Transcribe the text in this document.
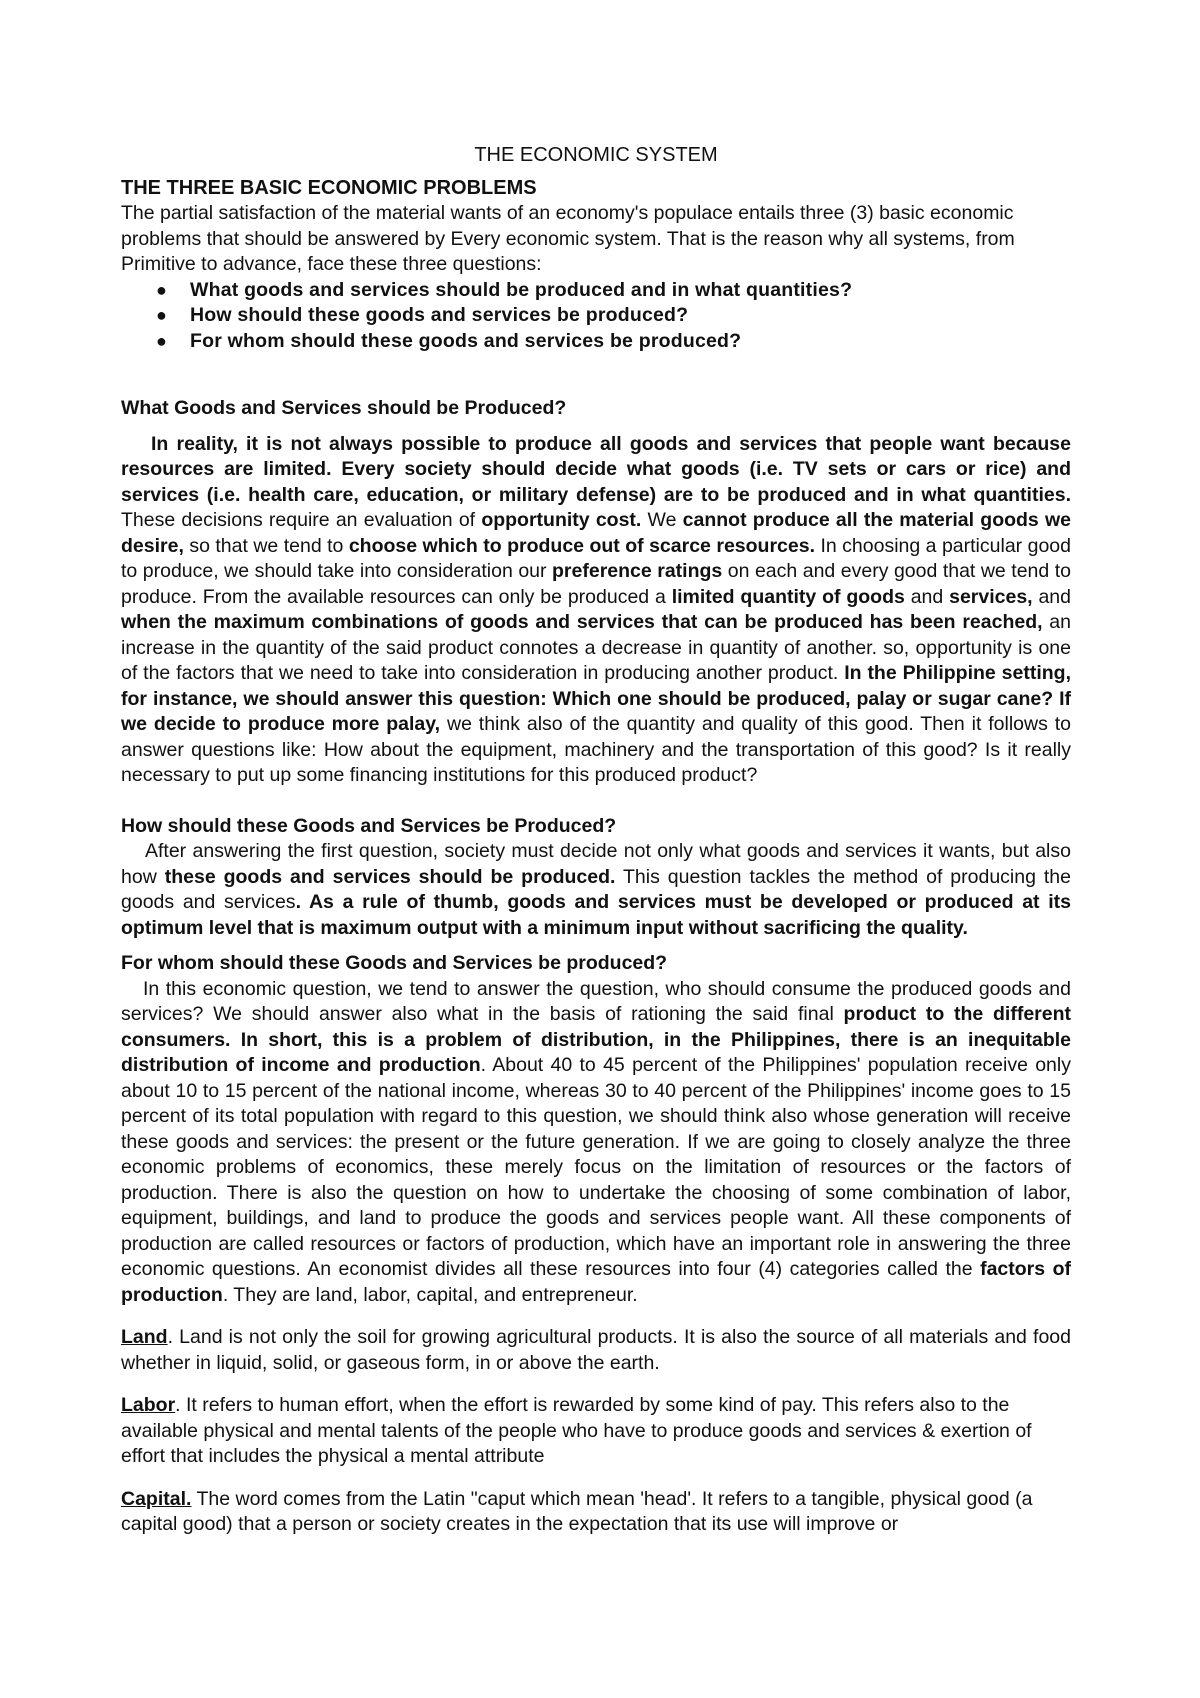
THE ECONOMIC SYSTEM
THE THREE BASIC ECONOMIC PROBLEMS

The partial satisfaction of the material wants of an economy's populace entails three (3) basic economic problems that should be answered by Every economic system. That is the reason why all systems, from Primitive to advance, face these three questions:

● What goods and services should be produced and in what quantities?
● How should these goods and services be produced?
● For whom should these goods and services be produced?
What Goods and Services should be Produced?

In reality, it is not always possible to produce all goods and services that people want because resources are limited. Every society should decide what goods (i.e. TV sets or cars or rice) and services (i.e. health care, education, or military defense) are to be produced and in what quantities. These decisions require an evaluation of opportunity cost. We cannot produce all the material goods we desire, so that we tend to choose which to produce out of scarce resources. In choosing a particular good to produce, we should take into consideration our preference ratings on each and every good that we tend to produce. From the available resources can only be produced a limited quantity of goods and services, and when the maximum combinations of goods and services that can be produced has been reached, an increase in the quantity of the said product connotes a decrease in quantity of another. so, opportunity is one of the factors that we need to take into consideration in producing another product. In the Philippine setting, for instance, we should answer this question: Which one should be produced, palay or sugar cane? If we decide to produce more palay, we think also of the quantity and quality of this good. Then it follows to answer questions like: How about the equipment, machinery and the transportation of this good? Is it really necessary to put up some financing institutions for this produced product?

How should these Goods and Services be Produced?

After answering the first question, society must decide not only what goods and services it wants, but also how these goods and services should be produced. This question tackles the method of producing the goods and services. As a rule of thumb, goods and services must be developed or produced at its optimum level that is maximum output with a minimum input without sacrificing the quality.

For whom should these Goods and Services be produced?

In this economic question, we tend to answer the question, who should consume the produced goods and services? We should answer also what in the basis of rationing the said final product to the different consumers. In short, this is a problem of distribution, in the Philippines, there is an inequitable distribution of income and production. About 40 to 45 percent of the Philippines' population receive only about 10 to 15 percent of the national income, whereas 30 to 40 percent of the Philippines' income goes to 15 percent of its total population with regard to this question, we should think also whose generation will receive these goods and services: the present or the future generation. If we are going to closely analyze the three economic problems of economics, these merely focus on the limitation of resources or the factors of production. There is also the question on how to undertake the choosing of some combination of labor, equipment, buildings, and land to produce the goods and services people want. All these components of production are called resources or factors of production, which have an important role in answering the three economic questions. An economist divides all these resources into four (4) categories called the factors of production. They are land, labor, capital, and entrepreneur.

Land. Land is not only the soil for growing agricultural products. It is also the source of all materials and food whether in liquid, solid, or gaseous form, in or above the earth.

Labor. It refers to human effort, when the effort is rewarded by some kind of pay. This refers also to the available physical and mental talents of the people who have to produce goods and services & exertion of effort that includes the physical a mental attribute

Capital. The word comes from the Latin "caput which mean 'head'. It refers to a tangible, physical good (a capital good) that a person or society creates in the expectation that its use will improve or
